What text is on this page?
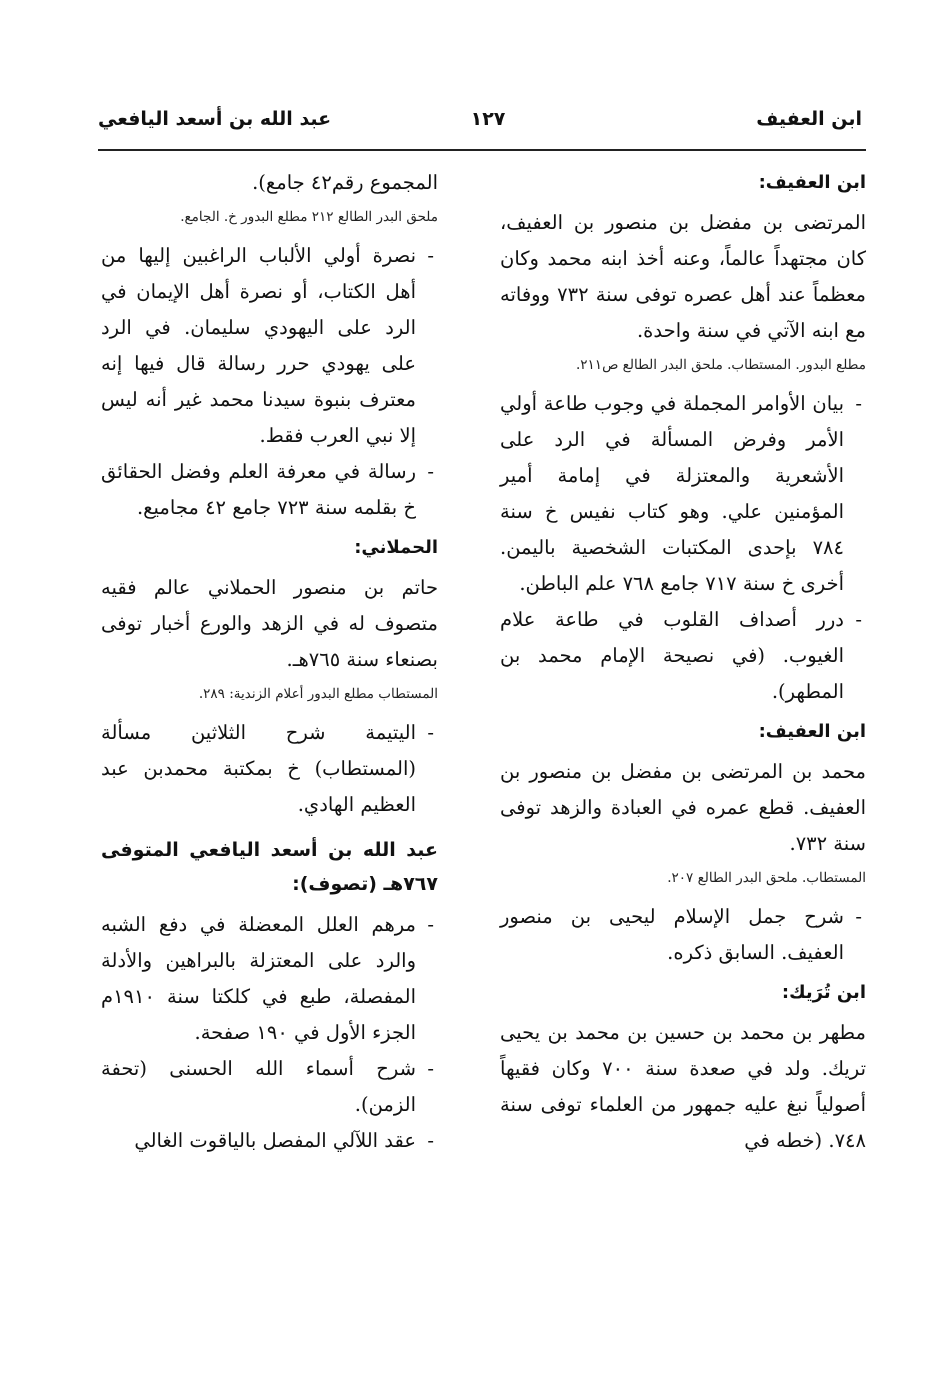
ابن العفيف
١٢٧
عبد الله بن أسعد اليافعي
ابن العفيف:

المرتضى بن مفضل بن منصور بن العفيف، كان مجتهداً عالماً، وعنه أخذ ابنه محمد وكان معظماً عند أهل عصره توفى سنة ٧٣٢ ووفاته مع ابنه الآتي في سنة واحدة.

مطلع البدور. المستطاب. ملحق البدر الطالع ص٢١١.

- بيان الأوامر المجملة في وجوب طاعة أولي الأمر وفرض المسألة في الرد على الأشعرية والمعتزلة في إمامة أمير المؤمنين علي. وهو كتاب نفيس خ سنة ٧٨٤ بإحدى المكتبات الشخصية باليمن. أخرى خ سنة ٧١٧ جامع ٧٦٨ علم الباطن.
- درر أصداف القلوب في طاعة علام الغيوب. (في نصيحة الإمام محمد بن المطهر).
ابن العفيف:

محمد بن المرتضى بن مفضل بن منصور بن العفيف. قطع عمره في العبادة والزهد توفى سنة ٧٣٢.

المستطاب. ملحق البدر الطالع ٢٠٧.

- شرح جمل الإسلام ليحيى بن منصور العفيف. السابق ذكره.
ابن تُرَيك:

مطهر بن محمد بن حسين بن محمد بن يحيى تريك. ولد في صعدة سنة ٧٠٠ وكان فقيهاً أصولياً نبغ عليه جمهور من العلماء توفى سنة ٧٤٨. (خطه في

المجموع رقم٤٢ جامع).

ملحق البدر الطالع ٢١٢ مطلع البدور خ. الجامع.

- نصرة أولي الألباب الراغبين إليها من أهل الكتاب، أو نصرة أهل الإيمان في الرد على اليهودي سليمان. في الرد على يهودي حرر رسالة قال فيها إنه معترف بنبوة سيدنا محمد غير أنه ليس إلا نبي العرب فقط.
- رسالة في معرفة العلم وفضل الحقائق خ بقلمه سنة ٧٢٣ جامع ٤٢ مجاميع.
الحملاني:

حاتم بن منصور الحملاني عالم فقيه متصوف له في الزهد والورع أخبار توفى بصنعاء سنة ٧٦٥هـ.

المستطاب مطلع البدور أعلام الزندية: ٢٨٩.

- اليتيمة شرح الثلاثين مسألة (المستطاب) خ بمكتبة محمدبن عبد العظيم الهادي.
عبد الله بن أسعد اليافعي المتوفى ٧٦٧هـ (تصوف):
- مرهم العلل المعضلة في دفع الشبه والرد على المعتزلة بالبراهين والأدلة المفصلة، طبع في كلكتا سنة ١٩١٠م الجزء الأول في ١٩٠ صفحة.
- شرح أسماء الله الحسنى (تحفة الزمن).
- عقد اللآلي المفصل بالياقوت الغالي
